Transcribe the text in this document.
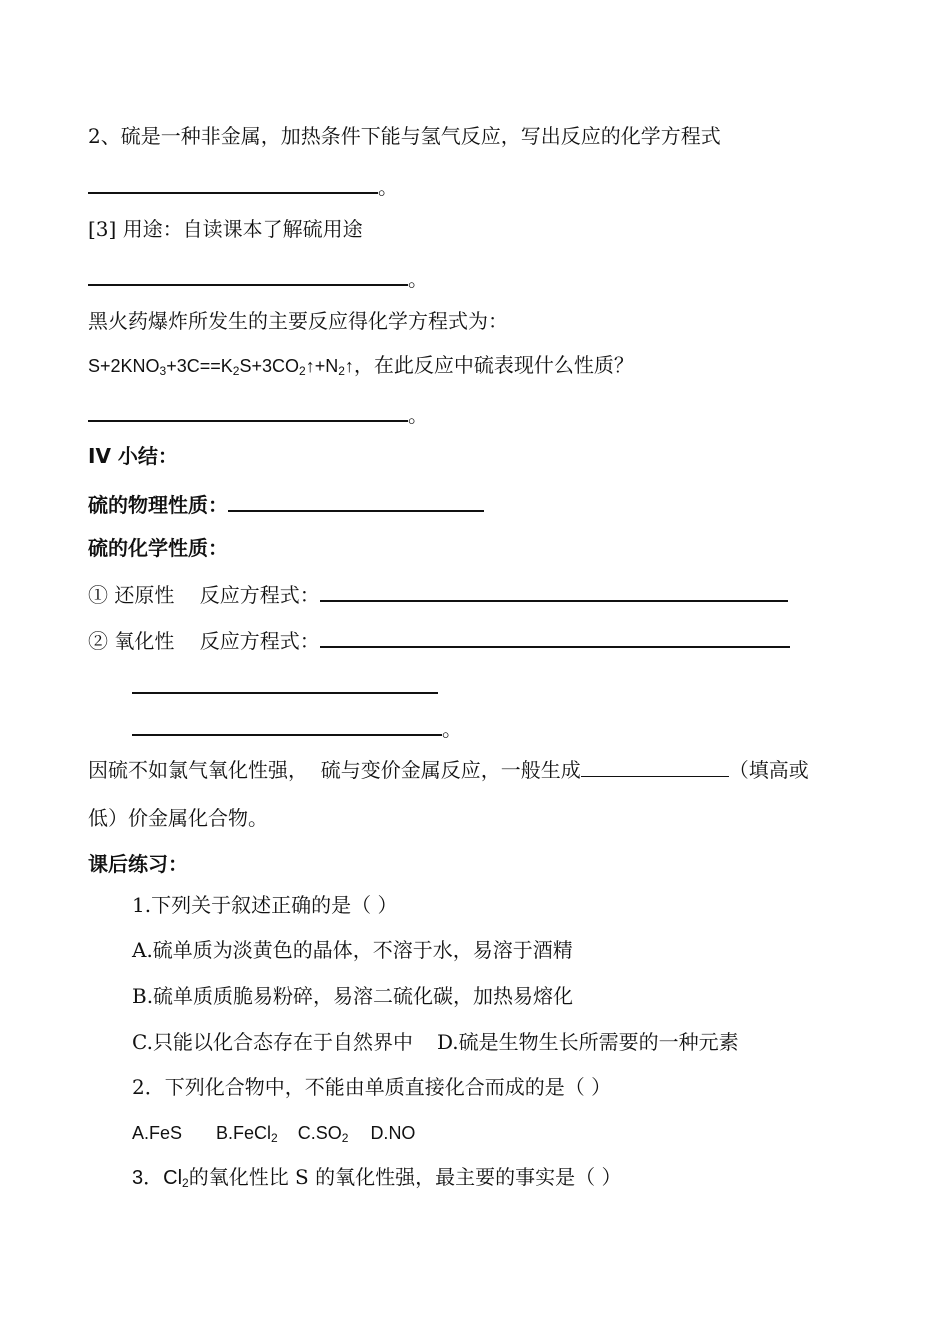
2、硫是一种非金属，加热条件下能与氢气反应，写出反应的化学方程式
。
[3] 用途：自读课本了解硫用途
。
黑火药爆炸所发生的主要反应得化学方程式为：
$S+2KNO_3+3C==K_2S+3CO_2↑+N_2↑$，在此反应中硫表现什么性质？
。
IV 小结：
硫的物理性质：
硫的化学性质：
① 还原性    反应方程式：
② 氧化性    反应方程式：
。
因硫不如氯气氧化性强，  硫与变价金属反应，一般生成	（填高或
低）价金属化合物。
课后练习：
1.下列关于叙述正确的是（ ）
A.硫单质为淡黄色的晶体，不溶于水，易溶于酒精
B.硫单质质脆易粉碎，易溶二硫化碳，加热易熔化
C.只能以化合态存在于自然界中 D.硫是生物生长所需要的一种元素
2．下列化合物中，不能由单质直接化合而成的是（ ）
A.FeS B.FeCl$_2$ $C.SO_2$ D.NO
3．$Cl_2$的氧化性比 S 的氧化性强，最主要的事实是（ ）
